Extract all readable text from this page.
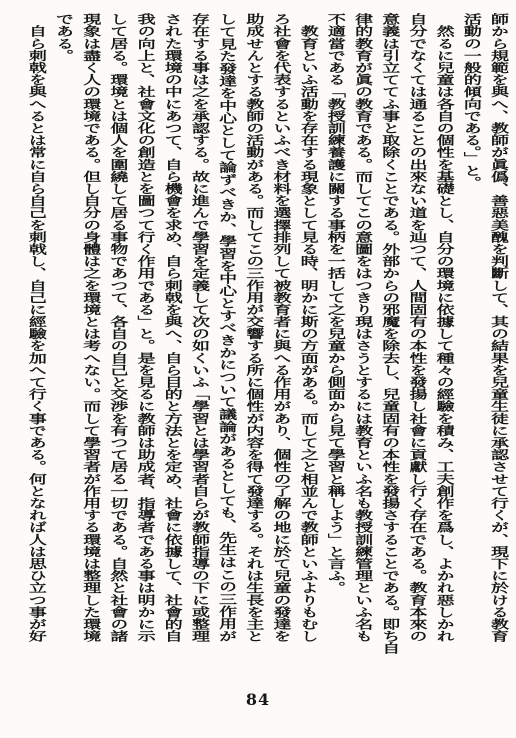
師から規範を與へ、教師が眞僞、善惡美醜を判斷して、其の結果を兒童生徒に承認させて行くが、現下に於ける教育
活動の一般的傾向である。」と。
然るに兒童は各自の個性を基礎とし、自分の環境に依據して種々の經驗を積み、工夫創作を爲し、よかれ惡しかれ
自分でなくては通ることの出來ない道を辿つて、人間固有の本性を發揚し社會に貢獻し行く存在である。教育本來の
意義は引立ててふ事と取除くことである。外部からの邪魔を除去し、兒童固有の本性を發揚さすることである。即ち自
律的教育が眞の教育である。而してこの意圖をはつきり現はさうとするには教育といふ名も教授訓練管理といふ名も
不適當である「教授訓練養護に關する事柄を一括して之を兒童から側面から見て學習と稱しよう」と言ふ。
教育といふ活動を存在する現象として見る時、明かに斯の方面がある。而して之と相並んで教師といふよりもむし
ろ社會を代表するといふべき材料を選擇排列して被教育者に與へる作用があり、個性の了解の地に於て兒童の發達を
助成せんとする教師の活動がある。而してこの三作用が交響する所に個性が内容を得て發達する。それは生長を主と
して見た發達を中心として論ずべきか、學習を中心とすべきかについて議論があるとしても、先生はこの三作用が
存在する事は之を承認する。故に進んで學習を定義して次の如くいふ「學習とは學習者自らが教師指導の下に或整理
された環境の中にあつて、自ら機會を求め、自ら刺戟を與へ、自ら目的と方法とを定め、社會に依據して、社會的自
我の向上と、社會文化の創造とを圖つて行く作用である」と。是を見るに教師は助成者、指導者である事は明かに示
して居る。環境とは個人を圍繞して居る事物であつて、各自の自己と交渉を有つて居る一切である。自然と社會の諸
現象は盡く人の環境である。但し自分の身體は之を環境とは考へない。而して學習者が作用する環境は整理した環境
である。
自ら刺戟を與へるとは常に自ら自己を刺戟し、自己に經驗を加へて行く事である。何となれば人は思ひ立つ事が好
84
